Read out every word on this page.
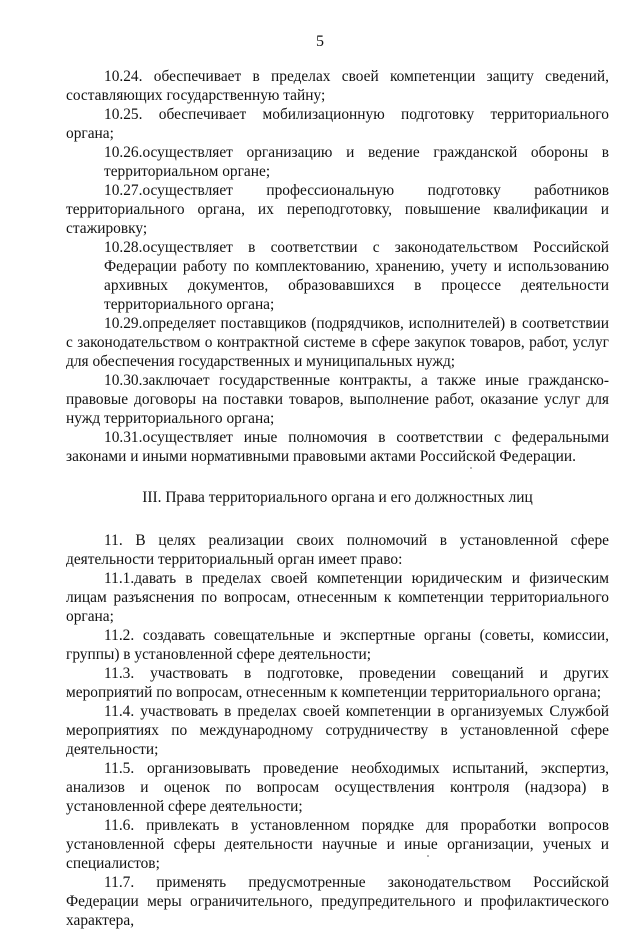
5

10.24. обеспечивает в пределах своей компетенции защиту сведений, составляющих государственную тайну;

10.25. обеспечивает мобилизационную подготовку территориального органа;

10.26.осуществляет организацию и ведение гражданской обороны в территориальном органе;

10.27.осуществляет профессиональную подготовку работников территориального органа, их переподготовку, повышение квалификации и стажировку;

10.28.осуществляет в соответствии с законодательством Российской Федерации работу по комплектованию, хранению, учету и использованию архивных документов, образовавшихся в процессе деятельности территориального органа;

10.29.определяет поставщиков (подрядчиков, исполнителей) в соответствии с законодательством о контрактной системе в сфере закупок товаров, работ, услуг для обеспечения государственных и муниципальных нужд;

10.30.заключает государственные контракты, а также иные гражданско-правовые договоры на поставки товаров, выполнение работ, оказание услуг для нужд территориального органа;

10.31.осуществляет иные полномочия в соответствии с федеральными законами и иными нормативными правовыми актами Российской Федерации.

III. Права территориального органа и его должностных лиц

11. В целях реализации своих полномочий в установленной сфере деятельности территориальный орган имеет право:

11.1.давать в пределах своей компетенции юридическим и физическим лицам разъяснения по вопросам, отнесенным к компетенции территориального органа;

11.2. создавать совещательные и экспертные органы (советы, комиссии, группы) в установленной сфере деятельности;

11.3. участвовать в подготовке, проведении совещаний и других мероприятий по вопросам, отнесенным к компетенции территориального органа;

11.4. участвовать в пределах своей компетенции в организуемых Службой мероприятиях по международному сотрудничеству в установленной сфере деятельности;

11.5. организовывать проведение необходимых испытаний, экспертиз, анализов и оценок по вопросам осуществления контроля (надзора) в установленной сфере деятельности;

11.6. привлекать в установленном порядке для проработки вопросов установленной сферы деятельности научные и иные организации, ученых и специалистов;

11.7. применять предусмотренные законодательством Российской Федерации меры ограничительного, предупредительного и профилактического характера,
